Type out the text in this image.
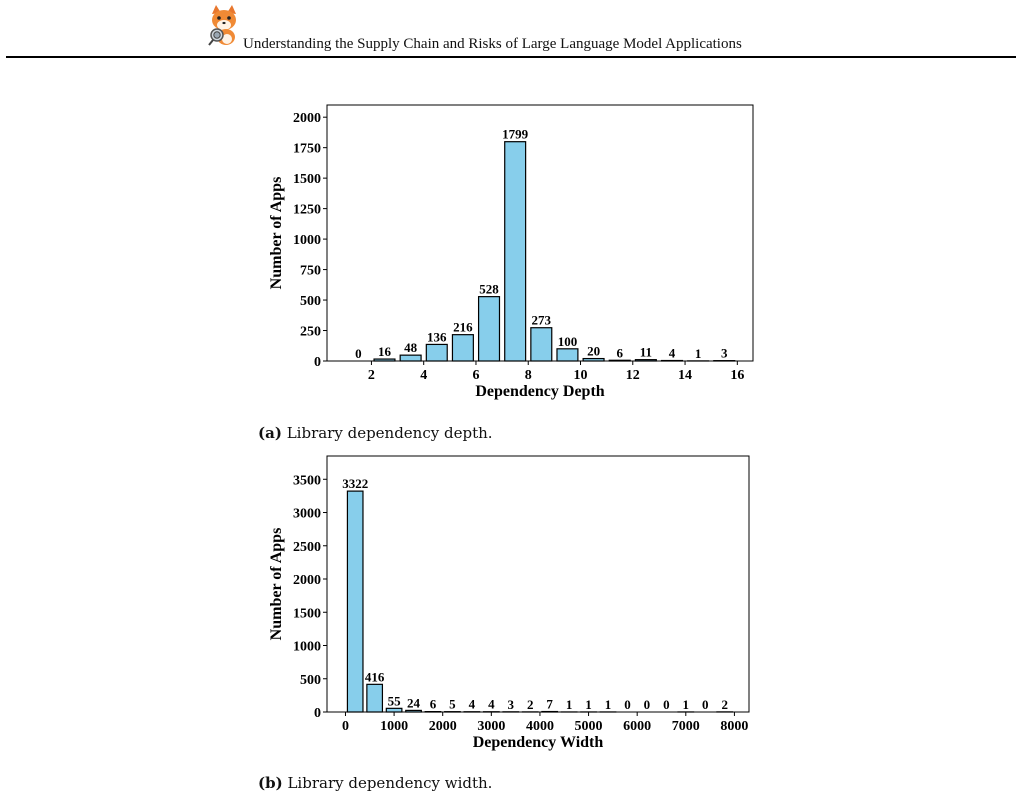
Understanding the Supply Chain and Risks of Large Language Model Applications
0 16 48
136
216
528
1799
273
100
20 6 11 4 1 3
0
250
500
750
1000
1250
1500
1750
2000
2	4	6	8	10	12	14	16
Dependency Depth
Number of Apps
(a) Library dependency depth.
3322
416
55 24 6 5 4 4 3 2 7 1 1 1 0 0 0 1 0 2
0
500
1000
1500
2000
2500
3000
3500
0 1000 2000 3000 4000 5000 6000 7000 8000
Dependency Width
Number of Apps
(b) Library dependency width.
